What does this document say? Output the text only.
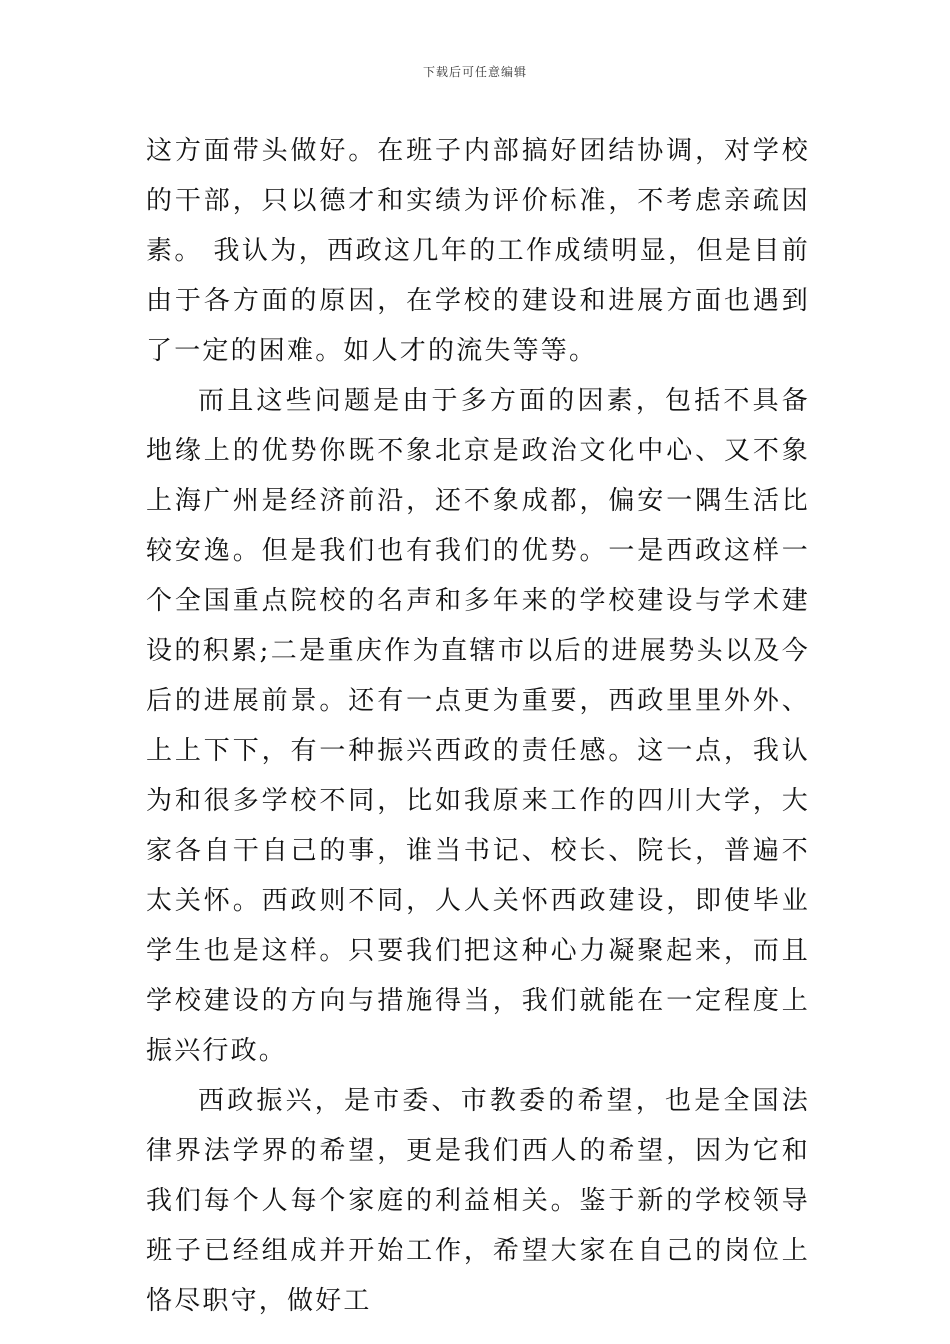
下载后可任意编辑

这方面带头做好。在班子内部搞好团结协调，对学校的干部，只以德才和实绩为评价标准，不考虑亲疏因素。 我认为，西政这几年的工作成绩明显，但是目前由于各方面的原因，在学校的建设和进展方面也遇到了一定的困难。如人才的流失等等。

而且这些问题是由于多方面的因素，包括不具备地缘上的优势你既不象北京是政治文化中心、又不象上海广州是经济前沿，还不象成都，偏安一隅生活比较安逸。但是我们也有我们的优势。一是西政这样一个全国重点院校的名声和多年来的学校建设与学术建设的积累;二是重庆作为直辖市以后的进展势头以及今后的进展前景。还有一点更为重要，西政里里外外、上上下下，有一种振兴西政的责任感。这一点，我认为和很多学校不同，比如我原来工作的四川大学，大家各自干自己的事，谁当书记、校长、院长，普遍不太关怀。西政则不同，人人关怀西政建设，即使毕业学生也是这样。只要我们把这种心力凝聚起来，而且学校建设的方向与措施得当，我们就能在一定程度上振兴行政。

西政振兴，是市委、市教委的希望，也是全国法律界法学界的希望，更是我们西人的希望，因为它和我们每个人每个家庭的利益相关。鉴于新的学校领导班子已经组成并开始工作，希望大家在自己的岗位上恪尽职守，做好工
